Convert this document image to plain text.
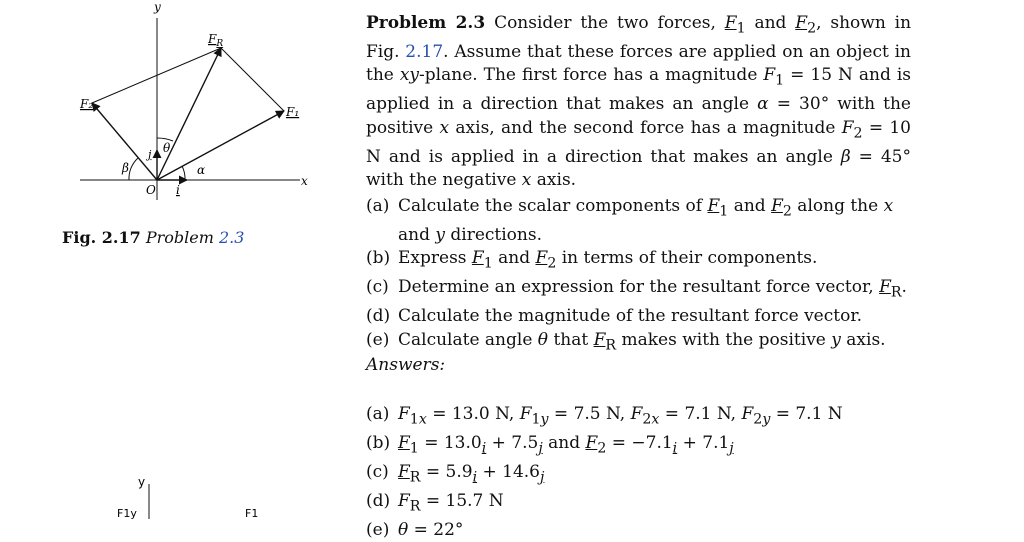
y
x
O i
j θ
α
β
F₂
F₁
$F_R$
Fig. 2.17 Problem 2.3
Problem 2.3 Consider the two forces, $F_1$ and $F_2$, shown in Fig. 2.17. Assume that these forces are applied on an object in the xy-plane. The first force has a magnitude $F_1 = 15$ N and is applied in a direction that makes an angle α = 30° with the positive x axis, and the second force has a magnitude $F_2 = 10$ N and is applied in a direction that makes an angle β = 45° with the negative x axis.
(a) Calculate the scalar components of $F_1$ and $F_2$ along the x and y directions.
(b) Express $F_1$ and $F_2$ in terms of their components.
(c) Determine an expression for the resultant force vector, $F_R$.
(d) Calculate the magnitude of the resultant force vector.
(e) Calculate angle θ that $F_R$ makes with the positive y axis.
Answers:
(a) $F_{1x} = 13.0$ N, $F_{1y} = 7.5$ N, $F_{2x} = 7.1$ N, $F_{2y} = 7.1$ N
(b) $F_1 = 13.0_i + 7.5_j$ and $F_2 = -7.1_i + 7.1_j$
(c) $F_R = 5.9_i + 14.6_j$
(d) $F_R = 15.7$ N
(e) θ = 22°
y
F1y	F1
